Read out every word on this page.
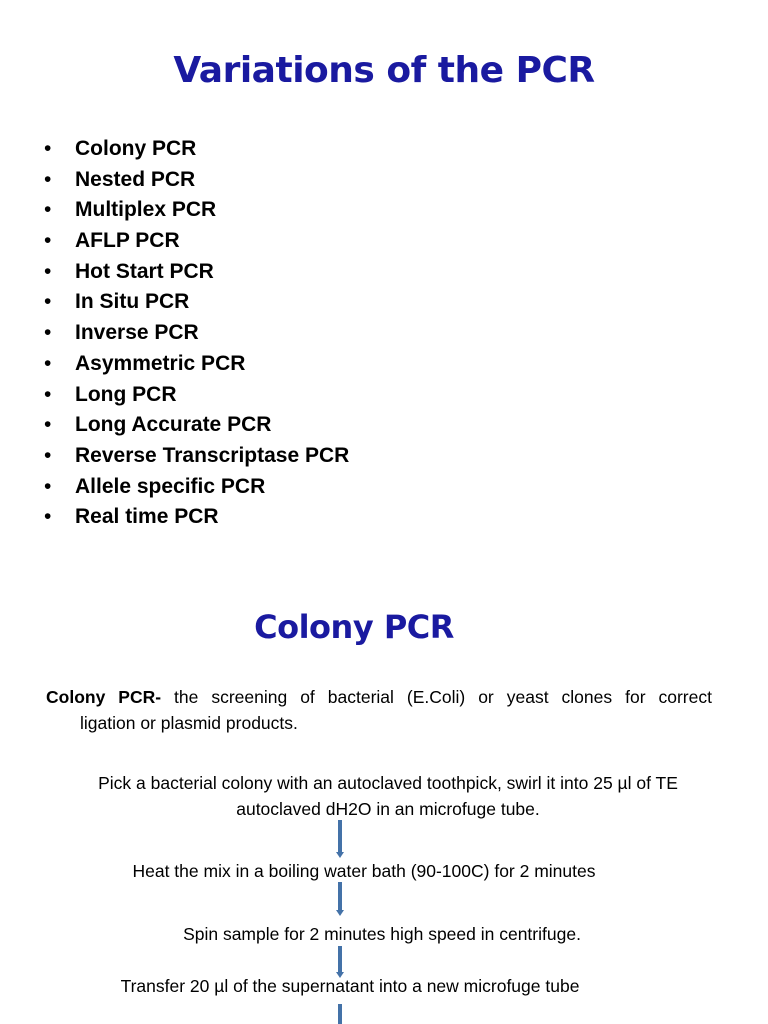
Variations of the PCR
•	Colony PCR
•	Nested PCR
•	Multiplex PCR
•	AFLP PCR
•	Hot Start PCR
•	In Situ PCR
•	Inverse PCR
•	Asymmetric PCR
•	Long PCR
•	Long Accurate PCR
•	Reverse Transcriptase PCR
•	Allele specific PCR
•	Real time PCR
Colony PCR
Colony PCR- the screening of bacterial (E.Coli) or yeast clones for correct
ligation or plasmid products.
Pick a bacterial colony with an autoclaved toothpick, swirl it into 25 µl of TE
autoclaved dH2O in an microfuge tube.
Heat the mix in a boiling water bath (90-100C) for 2 minutes
Spin sample for 2 minutes high speed in centrifuge.
Transfer 20 µl of the supernatant into a new microfuge tube
